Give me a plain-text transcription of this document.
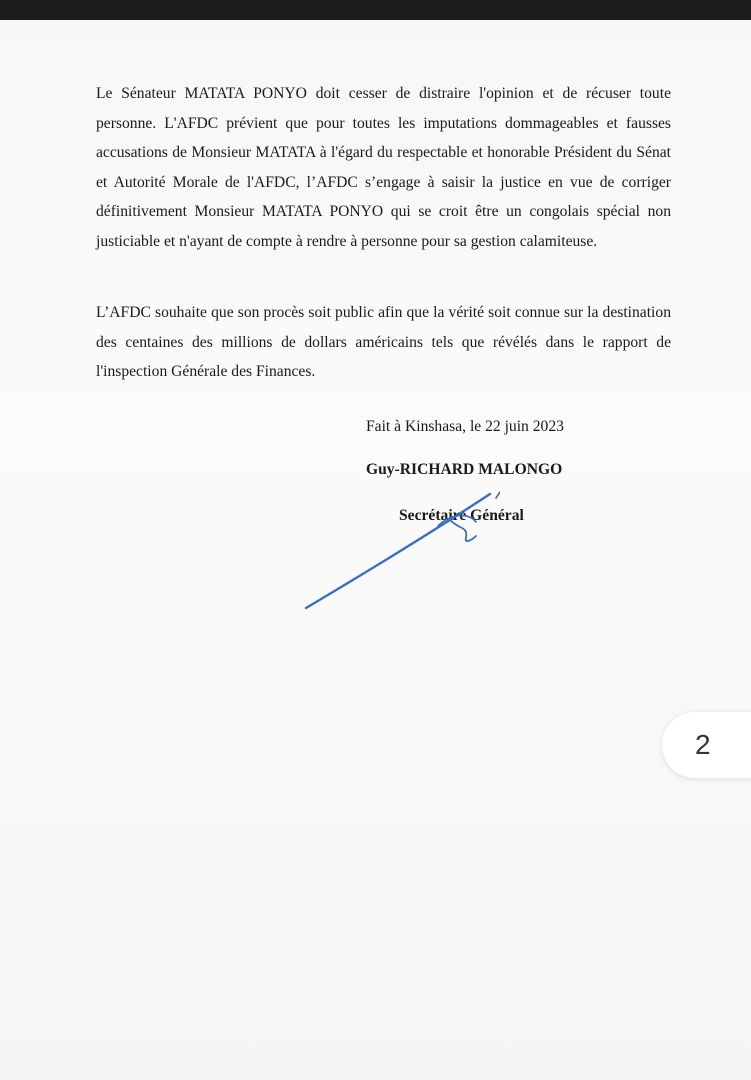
Le Sénateur MATATA PONYO doit cesser de distraire l'opinion et de récuser toute personne. L'AFDC prévient que pour toutes les imputations dommageables et fausses accusations de Monsieur MATATA à l'égard du respectable et honorable Président du Sénat et Autorité Morale de l'AFDC, l’AFDC s’engage à saisir la justice en vue de corriger définitivement Monsieur MATATA PONYO qui se croit être un congolais spécial non justiciable et n'ayant de compte à rendre à personne pour sa gestion calamiteuse.

L’AFDC souhaite que son procès soit public afin que la vérité soit connue sur la destination des centaines des millions de dollars américains tels que révélés dans le rapport de l'inspection Générale des Finances.

Fait à Kinshasa, le 22 juin 2023
Guy-RICHARD MALONGO
Secrétaire Général
2
